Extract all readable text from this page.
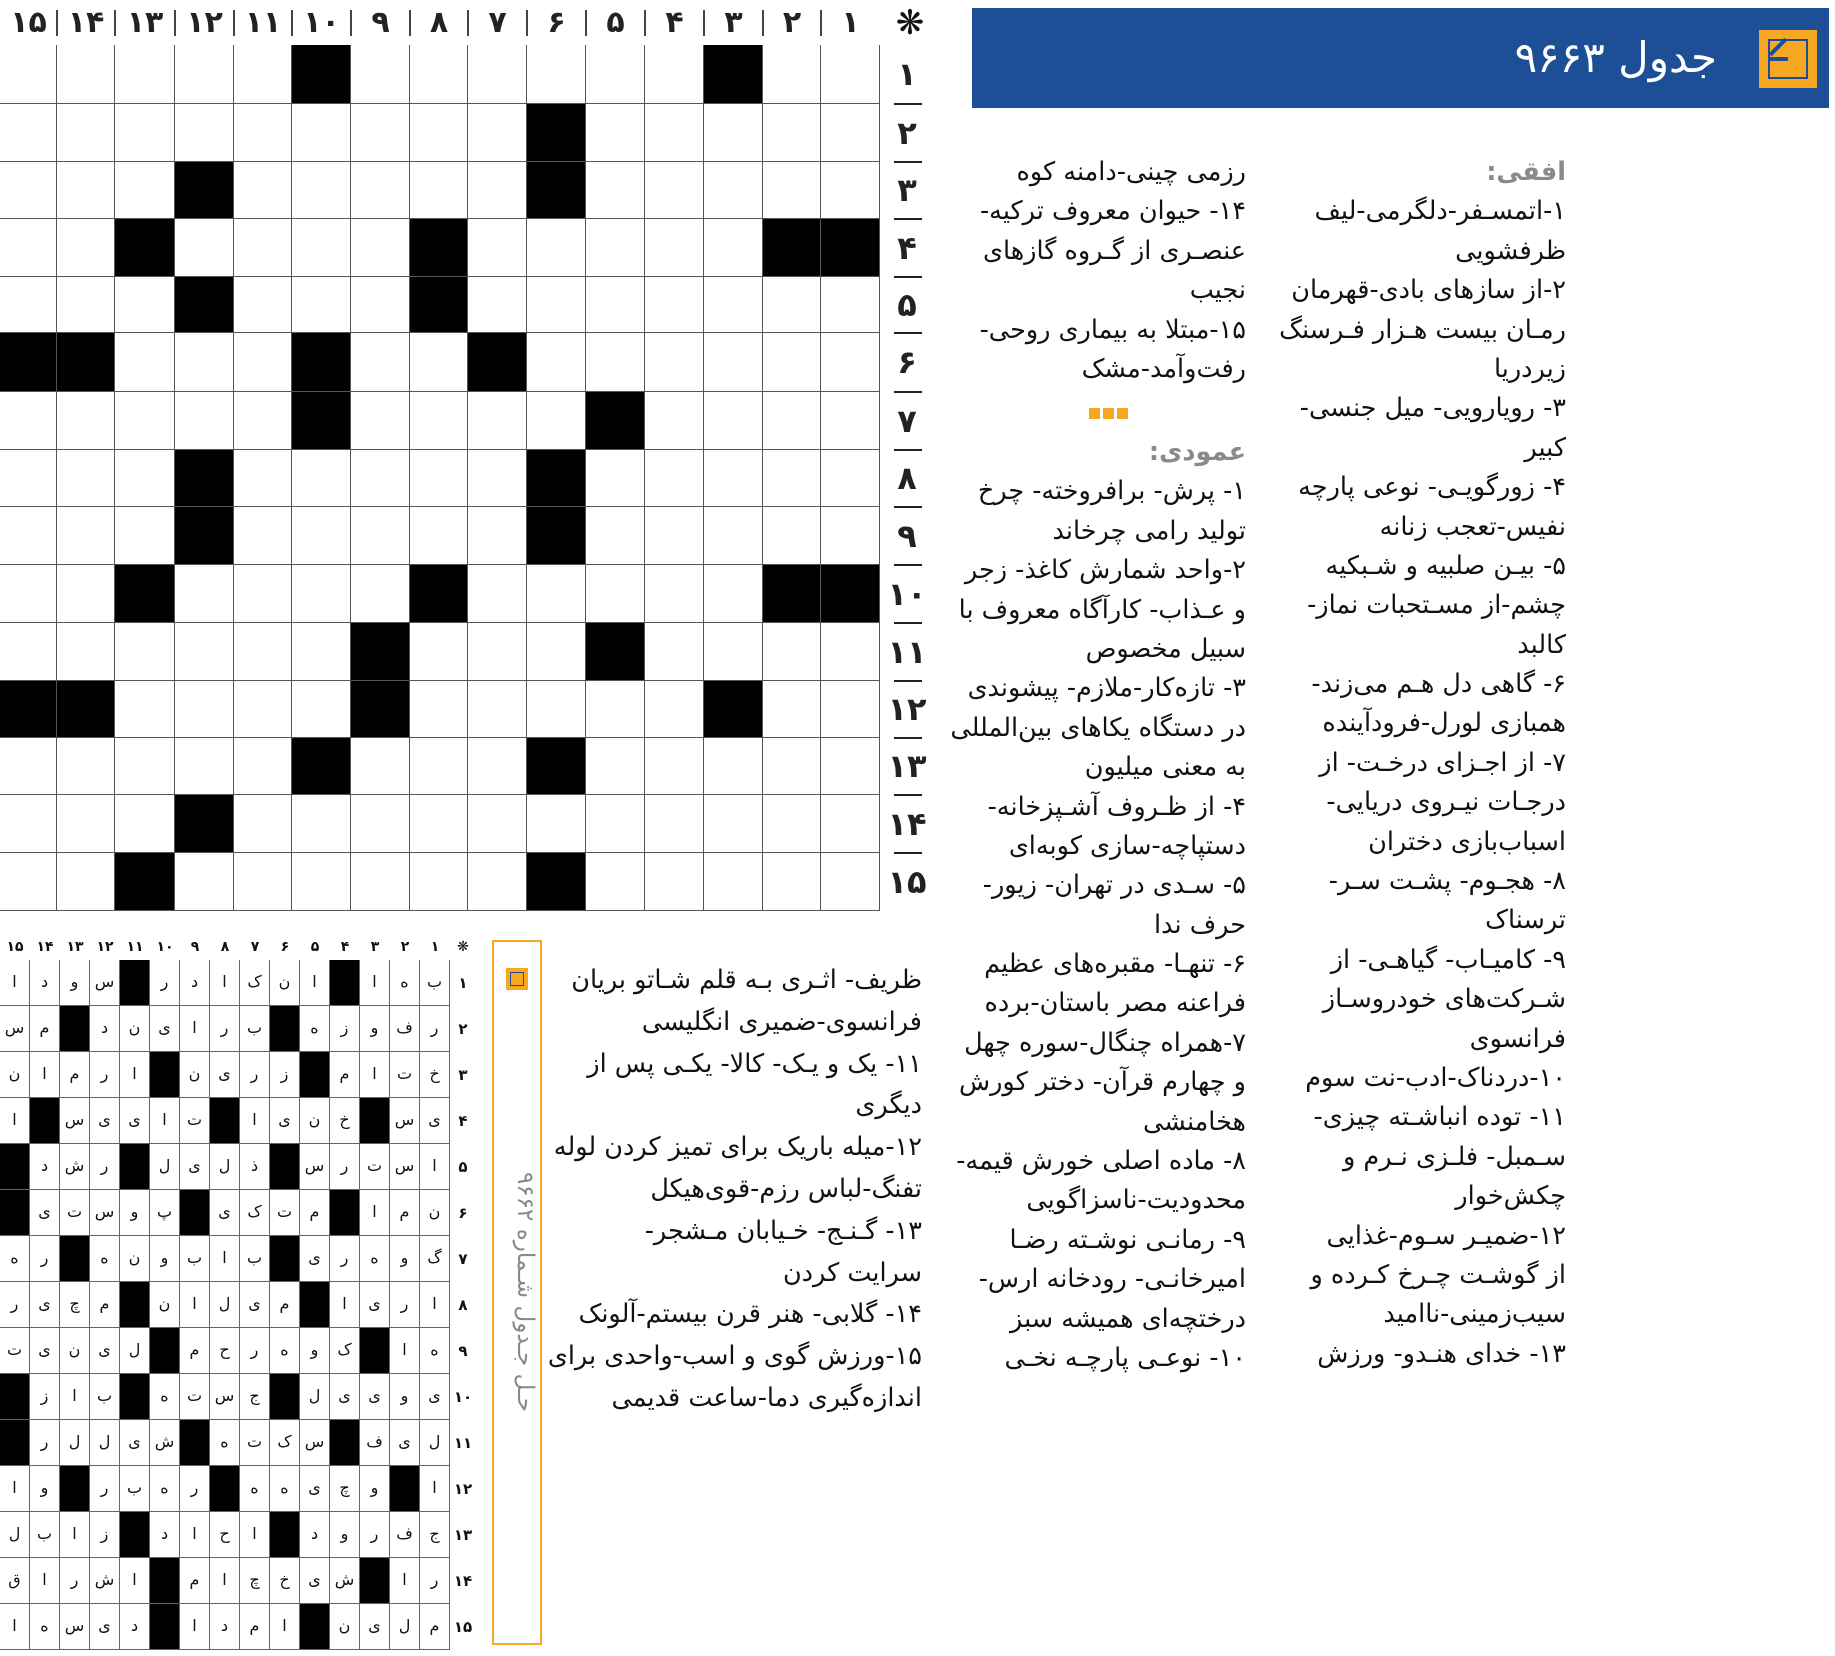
جدول ۹۶۶۳
۱
۲
۳
۴
۵
۶
۷
۸
۹
۱۰
۱۱
۱۲
۱۳
۱۴
۱۵	❋
۱
۲
۳
۴
۵
۶
۷
۸
۹
۱۰
۱۱
۱۲
۱۳
۱۴
۱۵
افقی:
۱-اتمسـفر-دلگرمی-لیف
ظرفشویی
۲-از سازهای بادی-قهرمان
رمـان بیست هـزار فـرسنگ
زیردریا
۳- رویارویی- میل جنسی-
کبیر
۴- زورگویـی- نوعی پارچه
نفیس-تعجب زنانه
۵- بیـن صلبیه و شـبکیه
چشم-از مسـتحبات نماز-
کالبد
۶- گاهی دل هـم می‌زند-
همبازی لورل-فرودآینده
۷- از اجـزای درخـت- از
درجـات نیـروی دریایی-
اسباب‌بازی دختران
۸- هجـوم- پشـت سـر-
ترسناک
۹- کامیـاب- گیاهـی- از
شـرکت‌های خودروسـاز
فرانسوی
۱۰-دردناک-ادب-نت سوم
۱۱- توده انباشـته چیزی-
سـمبل- فلـزی نـرم و
چکش‌خوار
۱۲-ضمیـر سـوم-غذایی
از گوشـت چـرخ کـرده و
سیب‌زمینی-ناامید
۱۳- خدای هنـدو- ورزش
رزمی چینی-دامنه کوه
۱۴- حیوان معروف ترکیه-
عنصـری از گـروه گازهای
نجیب
۱۵-مبتلا به بیماری روحی-
رفت‌وآمد-مشک
عمودی:
۱- پرش- برافروخته- چرخ
تولید رامی چرخاند
۲-واحد شمارش کاغذ- زجر
و عـذاب- کارآگاه معروف با
سبیل مخصوص
۳- تازه‌کار-ملازم- پیشوندی
در دستگاه یکاهای بین‌المللی
به معنی میلیون
۴- از ظـروف آشـپزخانه-
دستپاچه-سازی کوبه‌ای
۵- سـدی در تهران- زیور-
حرف ندا
۶- تنهـا- مقبره‌های عظیم
فراعنه مصر باستان-برده
۷-همراه چنگال-سوره چهل
و چهارم قرآن- دختر کورش
هخامنشی
۸- ماده اصلی خورش قیمه-
محدودیت-ناسزاگویی
۹- رمانـی نوشـته رضـا
امیرخانـی- رودخانه ارس-
درختچه‌ای همیشه سبز
۱۰- نوعـی پارچـه نخـی
ظریف- اثـری بـه قلم شـاتو بریان
فرانسوی-ضمیری انگلیسی
۱۱- یک و یـک- کالا- یکـی پس از
دیگری
۱۲-میله باریک برای تمیز کردن لوله
تفنگ-لباس رزم-قوی‌هیکل
۱۳- گـنـج- خـیابان مـشجر-
سرایت کردن
۱۴- گلابی- هنر قرن بیستم-آلونک
۱۵-ورزش گوی و اسب-واحدی برای
اندازه‌گیری دما-ساعت قدیمی
❋
۱
۲
۳
۴
۵
۶
۷
۸
۹
۱۰
۱۱
۱۲
۱۳
۱۴
۱۵
ب
ه
ا
ا
ن
ک
ا
د
ر
س
و
د
ا
ر
ف
و
ز
ه
ب
ر
ا
ی
ن
د
م
س
خ
ت
ا
م
ز
ر
ی
ن
ا
ر
م
ا
ن
ی
س
خ
ن
ی
ا
ت
ا
ی
ی
س
ا
ا
س
ت
ر
س
ذ
ل
ی
ل
ر
ش
د
ن
م
ا
م
ت
ک
ی
پ
و
س
ت
ی
گ
و
ه
ر
ی
ب
ا
ب
و
ن
ه
ر
ه
ا
ر
ی
ا
م
ی
ل
ا
ن
م
چ
ی
ر
ه
ا
ک
و
ه
ر
ح
م
ل
ی
ن
ی
ت
ی
و
ی
ی
ل
ج
س
ت
ه
ب
ا
ز
ل
ی
ف
س
ک
ت
ه
ش
ی
ل
ل
ر
ا
و
چ
ی
ه
ه
ر
ه
ب
ر
و
ا
ج
ف
ر
و
د
ا
ح
ا
د
ز
ا
ب
ل
ر
ا
ش
ی
خ
چ
ا
م
ا
ش
ر
ا
ق
م
ل
ی
ن
ا
م
د
ا
د
ی
س
ه
ا
۱
۲
۳
۴
۵
۶
۷
۸
۹
۱۰
۱۱
۱۲
۱۳
۱۴
۱۵
حـل جـدول شـماره ۹۶۶۲
